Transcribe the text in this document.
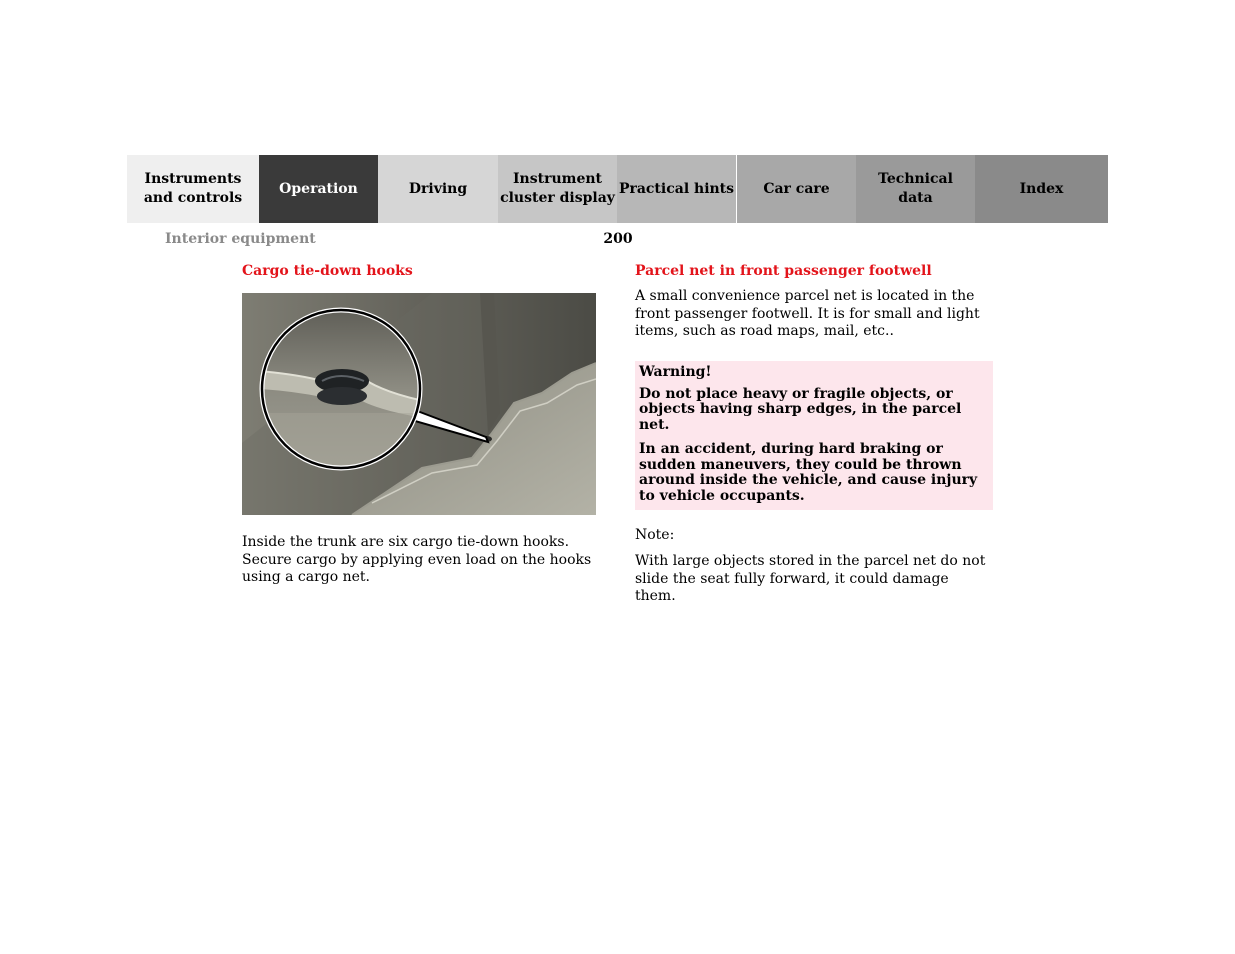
Instruments
and controls
Operation	Driving
Instrument
cluster display
Practical hints Car care
Technical
data
Index
Interior equipment	200
Cargo tie-down hooks

Inside the trunk are six cargo tie-down hooks. Secure cargo by applying even load on the hooks using a cargo net.

Parcel net in front passenger footwell

A small convenience parcel net is located in the front passenger footwell. It is for small and light items, such as road maps, mail, etc..

Warning!

Do not place heavy or fragile objects, or objects having sharp edges, in the parcel net.

In an accident, during hard braking or sudden maneuvers, they could be thrown around inside the vehicle, and cause injury to vehicle occupants.

Note:

With large objects stored in the parcel net do not slide the seat fully forward, it could damage them.
